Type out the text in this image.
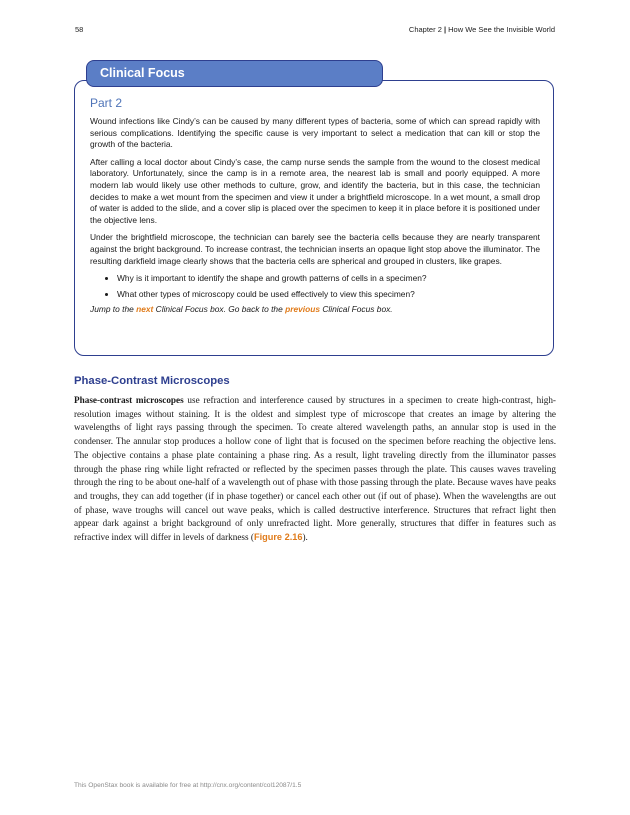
58	Chapter 2 | How We See the Invisible World
Clinical Focus
Part 2

Wound infections like Cindy’s can be caused by many different types of bacteria, some of which can spread rapidly with serious complications. Identifying the specific cause is very important to select a medication that can kill or stop the growth of the bacteria.

After calling a local doctor about Cindy’s case, the camp nurse sends the sample from the wound to the closest medical laboratory. Unfortunately, since the camp is in a remote area, the nearest lab is small and poorly equipped. A more modern lab would likely use other methods to culture, grow, and identify the bacteria, but in this case, the technician decides to make a wet mount from the specimen and view it under a brightfield microscope. In a wet mount, a small drop of water is added to the slide, and a cover slip is placed over the specimen to keep it in place before it is positioned under the objective lens.

Under the brightfield microscope, the technician can barely see the bacteria cells because they are nearly transparent against the bright background. To increase contrast, the technician inserts an opaque light stop above the illuminator. The resulting darkfield image clearly shows that the bacteria cells are spherical and grouped in clusters, like grapes.

• Why is it important to identify the shape and growth patterns of cells in a specimen?
• What other types of microscopy could be used effectively to view this specimen?

Jump to the next Clinical Focus box. Go back to the previous Clinical Focus box.

Phase-Contrast Microscopes

Phase-contrast microscopes use refraction and interference caused by structures in a specimen to create high-contrast, high-resolution images without staining. It is the oldest and simplest type of microscope that creates an image by altering the wavelengths of light rays passing through the specimen. To create altered wavelength paths, an annular stop is used in the condenser. The annular stop produces a hollow cone of light that is focused on the specimen before reaching the objective lens. The objective contains a phase plate containing a phase ring. As a result, light traveling directly from the illuminator passes through the phase ring while light refracted or reflected by the specimen passes through the plate. This causes waves traveling through the ring to be about one-half of a wavelength out of phase with those passing through the plate. Because waves have peaks and troughs, they can add together (if in phase together) or cancel each other out (if out of phase). When the wavelengths are out of phase, wave troughs will cancel out wave peaks, which is called destructive interference. Structures that refract light then appear dark against a bright background of only unrefracted light. More generally, structures that differ in features such as refractive index will differ in levels of darkness (Figure 2.16).

This OpenStax book is available for free at http://cnx.org/content/col12087/1.5
